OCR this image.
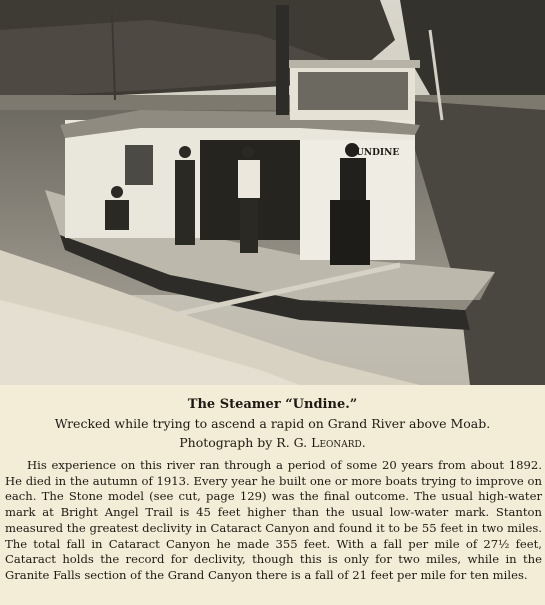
UNDINE
The Steamer “Undine.”
Wrecked while trying to ascend a rapid on Grand River above Moab.
Photograph by R. G. Leonard.

His experience on this river ran through a period of some 20 years from about 1892. He died in the autumn of 1913. Every year he built one or more boats trying to improve on each. The Stone model (see cut, page 129) was the final outcome. The usual high-water mark at Bright Angel Trail is 45 feet higher than the usual low-water mark. Stanton measured the greatest declivity in Cataract Canyon and found it to be 55 feet in two miles. The total fall in Cataract Canyon he made 355 feet. With a fall per mile of 27½ feet, Cataract holds the record for declivity, though this is only for two miles, while in the Granite Falls section of the Grand Canyon there is a fall of 21 feet per mile for ten miles.
